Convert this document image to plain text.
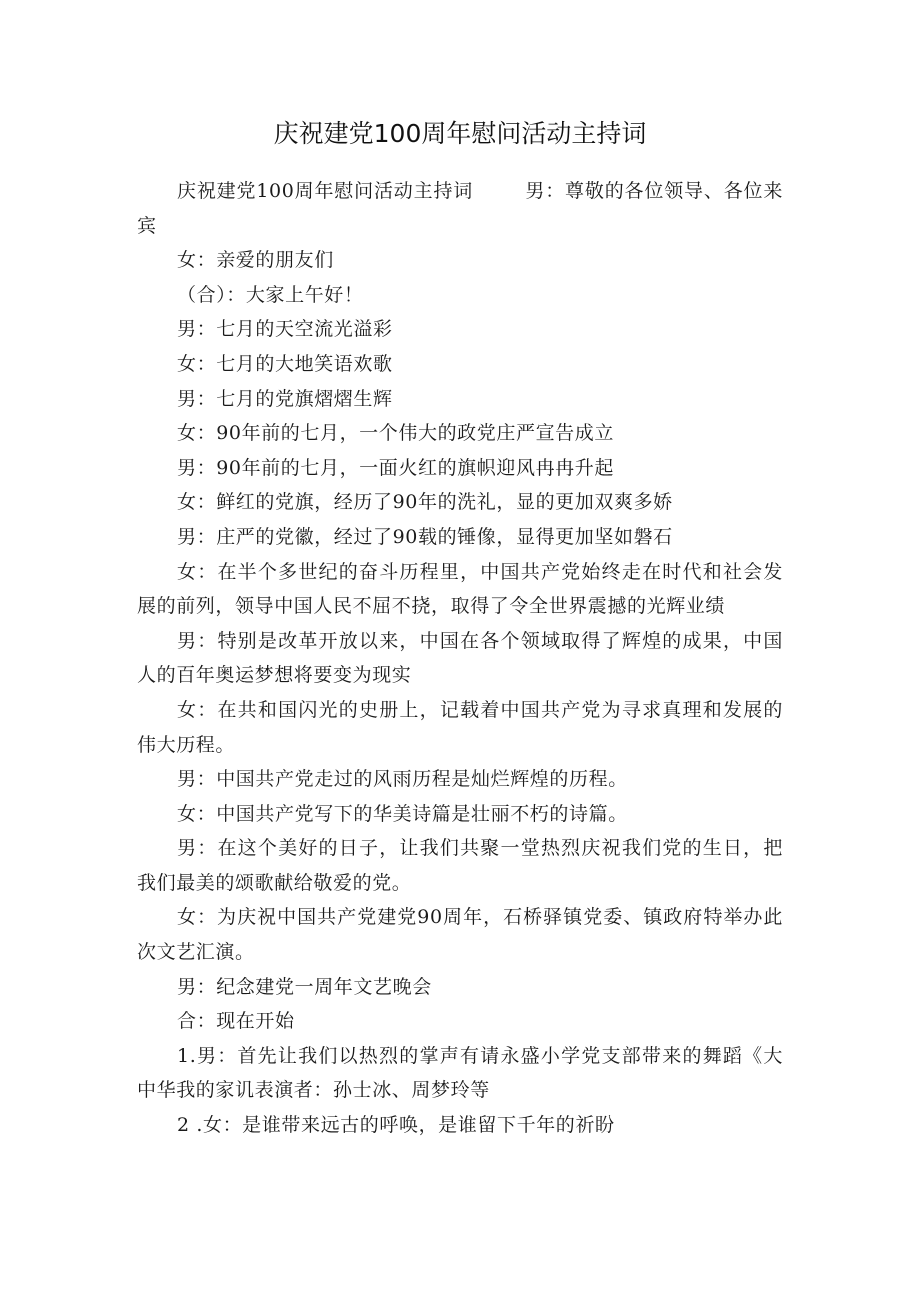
庆祝建党100周年慰问活动主持词

庆祝建党100周年慰问活动主持词	男：尊敬的各位领导、各位来宾

女：亲爱的朋友们

（合）：大家上午好！

男：七月的天空流光溢彩

女：七月的大地笑语欢歌

男：七月的党旗熠熠生辉

女：90年前的七月，一个伟大的政党庄严宣告成立

男：90年前的七月，一面火红的旗帜迎风冉冉升起

女：鲜红的党旗，经历了90年的洗礼，显的更加双爽多娇

男：庄严的党徽，经过了90载的锤像，显得更加坚如磐石

女：在半个多世纪的奋斗历程里，中国共产党始终走在时代和社会发展的前列，领导中国人民不屈不挠，取得了令全世界震撼的光辉业绩

男：特别是改革开放以来，中国在各个领域取得了辉煌的成果，中国人的百年奥运梦想将要变为现实

女：在共和国闪光的史册上，记载着中国共产党为寻求真理和发展的伟大历程。

男：中国共产党走过的风雨历程是灿烂辉煌的历程。

女：中国共产党写下的华美诗篇是壮丽不朽的诗篇。

男：在这个美好的日子，让我们共聚一堂热烈庆祝我们党的生日，把我们最美的颂歌献给敬爱的党。

女：为庆祝中国共产党建党90周年，石桥驿镇党委、镇政府特举办此次文艺汇演。

男：纪念建党一周年文艺晚会

合：现在开始

1.男：首先让我们以热烈的掌声有请永盛小学党支部带来的舞蹈《大中华我的家讥表演者：孙士冰、周梦玲等

2 .女：是谁带来远古的呼唤，是谁留下千年的祈盼
